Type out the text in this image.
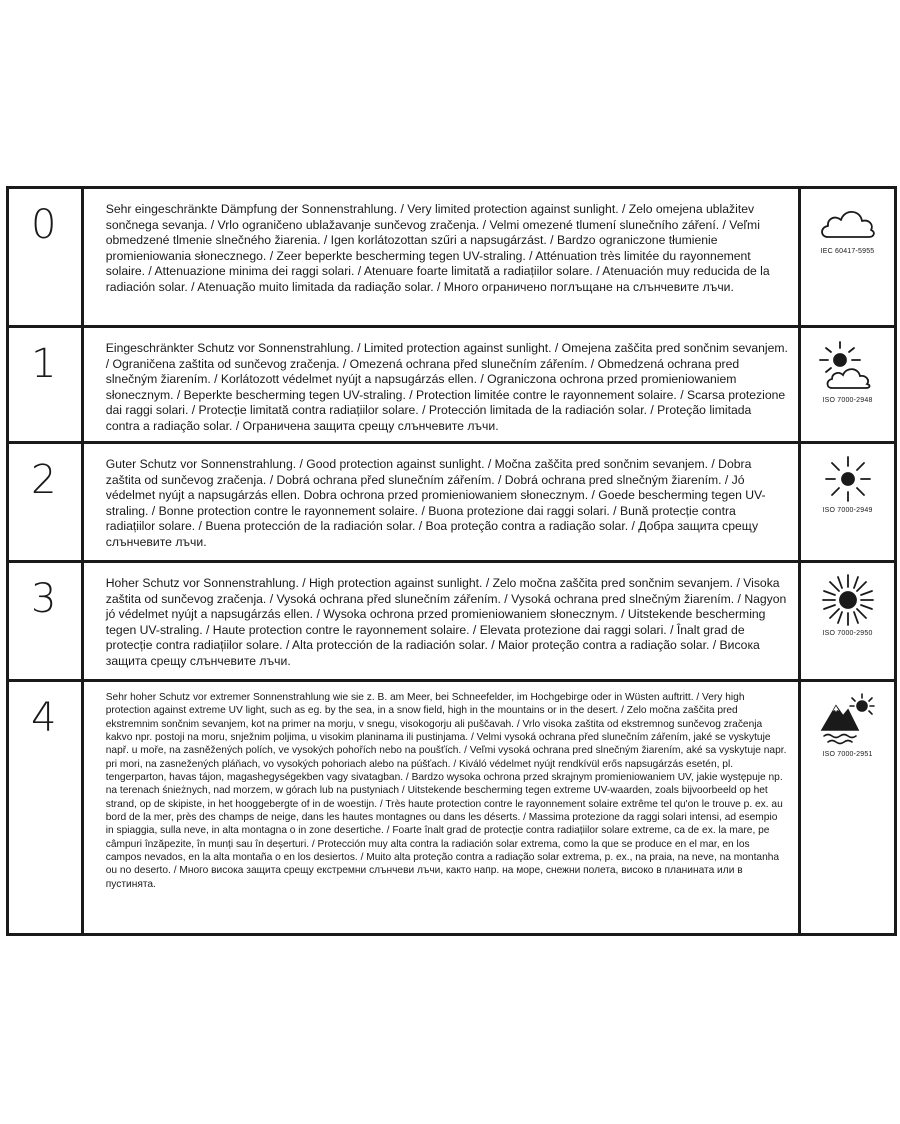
0	Sehr eingeschränkte Dämpfung der Sonnenstrahlung. / Very limited protection against sunlight. / Zelo omejena ublažitev sončnega sevanja. / Vrlo ograničeno ublažavanje sunčevog zračenja. / Velmi omezené tlumení slunečního záření. / Veľmi obmedzené tlmenie slnečného žiarenia. / Igen korlátozottan szűri a napsugárzást. / Bardzo ograniczone tłumienie promieniowania słonecznego. / Zeer beperkte bescherming tegen UV-straling. / Atténuation très limitée du rayonnement solaire. / Attenuazione minima dei raggi solari. / Atenuare foarte limitată a radiațiilor solare. / Atenuación muy reducida de la radiación solar. / Atenuação muito limitada da radiação solar. / Много ограничено поглъщане на слънчевите лъчи.	IEC 60417-5955

1	Eingeschränkter Schutz vor Sonnenstrahlung. / Limited protection against sunlight. / Omejena zaščita pred sončnim sevanjem. / Ograničena zaštita od sunčevog zračenja. / Omezená ochrana před slunečním zářením. / Obmedzená ochrana pred slnečným žiarením. / Korlátozott védelmet nyújt a napsugárzás ellen. / Ograniczona ochrona przed promieniowaniem słonecznym. / Beperkte bescherming tegen UV-straling. / Protection limitée contre le rayonnement solaire. / Scarsa protezione dai raggi solari. / Protecție limitată contra radiațiilor solare. / Protección limitada de la radiación solar. / Proteção limitada contra a radiação solar. / Ограничена защита срещу слънчевите лъчи.	ISO 7000-2948

2	Guter Schutz vor Sonnenstrahlung. / Good protection against sunlight. / Močna zaščita pred sončnim sevanjem. / Dobra zaštita od sunčevog zračenja. / Dobrá ochrana před slunečním zářením. / Dobrá ochrana pred slnečným žiarením. / Jó védelmet nyújt a napsugárzás ellen. Dobra ochrona przed promieniowaniem słonecznym. / Goede bescherming tegen UV-straling. / Bonne protection contre le rayonnement solaire. / Buona protezione dai raggi solari. / Bună protecție contra radiațiilor solare. / Buena protección de la radiación solar. / Boa proteção contra a radiação solar. / Добра защита срещу слънчевите лъчи.	ISO 7000-2949

3	Hoher Schutz vor Sonnenstrahlung. / High protection against sunlight. / Zelo močna zaščita pred sončnim sevanjem. / Visoka zaštita od sunčevog zračenja. / Vysoká ochrana před slunečním zářením. / Vysoká ochrana pred slnečným žiarením. / Nagyon jó védelmet nyújt a napsugárzás ellen. / Wysoka ochrona przed promieniowaniem słonecznym. / Uitstekende bescherming tegen UV-straling. / Haute protection contre le rayonnement solaire. / Elevata protezione dai raggi solari. / Înalt grad de protecție contra radiațiilor solare. / Alta protección de la radiación solar. / Maior proteção contra a radiação solar. / Висока защита срещу слънчевите лъчи.	ISO 7000-2950

4	Sehr hoher Schutz vor extremer Sonnenstrahlung wie sie z. B. am Meer, bei Schneefelder, im Hochgebirge oder in Wüsten auftritt. / Very high protection against extreme UV light, such as eg. by the sea, in a snow field, high in the mountains or in the desert. / Zelo močna zaščita pred ekstremnim sončnim sevanjem, kot na primer na morju, v snegu, visokogorju ali puščavah. / Vrlo visoka zaštita od ekstremnog sunčevog zračenja kakvo npr. postoji na moru, snježnim poljima, u visokim planinama ili pustinjama. / Velmi vysoká ochrana před slunečním zářením, jaké se vyskytuje např. u moře, na zasněžených polích, ve vysokých pohořích nebo na poušťích. / Veľmi vysoká ochrana pred slnečným žiarením, aké sa vyskytuje napr. pri mori, na zasnežených pláňach, vo vysokých pohoriach alebo na púšťach. / Kiváló védelmet nyújt rendkívül erős napsugárzás esetén, pl. tengerparton, havas tájon, magashegységekben vagy sivatagban. / Bardzo wysoka ochrona przed skrajnym promieniowaniem UV, jakie występuje np. na terenach śnieżnych, nad morzem, w górach lub na pustyniach / Uitstekende bescherming tegen extreme UV-waarden, zoals bijvoorbeeld op het strand, op de skipiste, in het hooggebergte of in de woestijn. / Très haute protection contre le rayonnement solaire extrême tel qu'on le trouve p. ex. au bord de la mer, près des champs de neige, dans les hautes montagnes ou dans les déserts. / Massima protezione da raggi solari intensi, ad esempio in spiaggia, sulla neve, in alta montagna o in zone desertiche. / Foarte înalt grad de protecție contra radiațiilor solare extreme, ca de ex. la mare, pe câmpuri înzăpezite, în munți sau în deșerturi. / Protección muy alta contra la radiación solar extrema, como la que se produce en el mar, en los campos nevados, en la alta montaña o en los desiertos. / Muito alta proteção contra a radiação solar extrema, p. ex., na praia, na neve, na montanha ou no deserto. / Много висока защита срещу екстремни слънчеви лъчи, както напр. на море, снежни полета, високо в планината или в пустинята.	ISO 7000-2951
